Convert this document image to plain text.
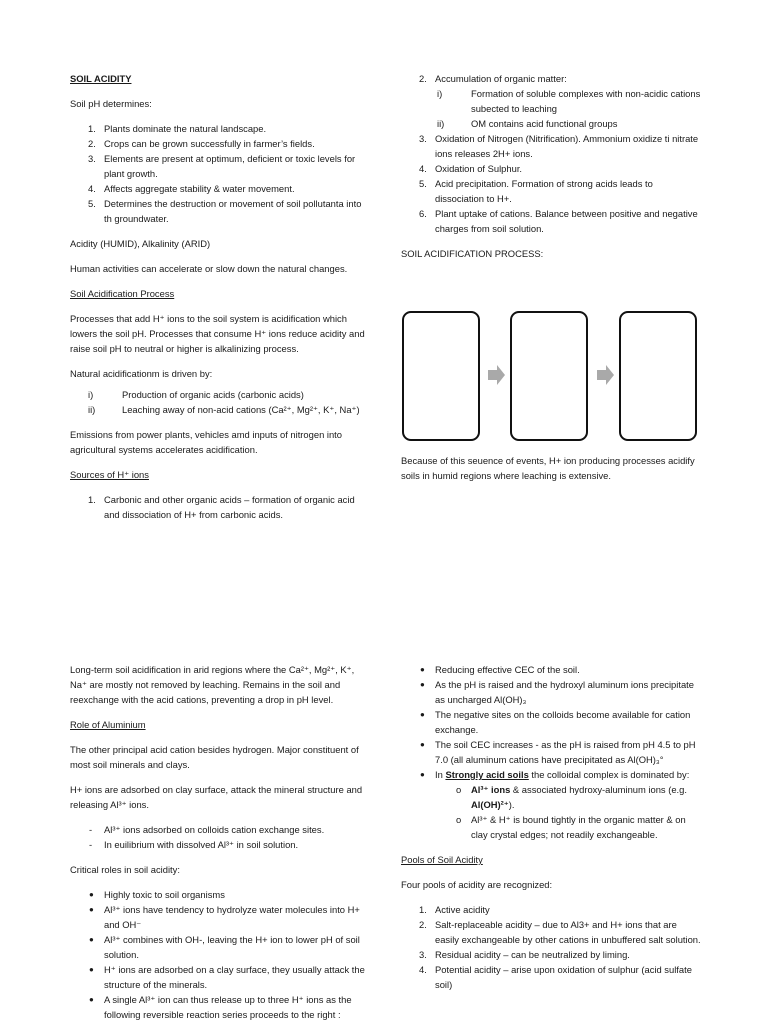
SOIL ACIDITY
Soil pH determines:
1. Plants dominate the natural landscape.
2. Crops can be grown successfully in farmer’s fields.
3. Elements are present at optimum, deficient or toxic levels for plant growth.
4. Affects aggregate stability & water movement.
5. Determines the destruction or movement of soil pollutanta into th groundwater.
Acidity (HUMID), Alkalinity (ARID)
Human activities can accelerate or slow down the natural changes.
Soil Acidification Process
Processes that add H⁺ ions to the soil system is acidification which lowers the soil pH. Processes that consume H⁺ ions reduce acidity and raise soil pH to neutral or higher is alkalinizing process.
Natural acidificationm is driven by:
i)	Production of organic acids (carbonic acids)
ii)	Leaching away of non-acid cations (Ca²⁺, Mg²⁺, K⁺, Na⁺)
Emissions from power plants, vehicles amd inputs of nitrogen into agricultural systems accelerates acidification.
Sources of H⁺ ions
1. Carbonic and other organic acids – formation of organic acid and dissociation of H+ from carbonic acids.
2. Accumulation of organic matter:
i)	Formation of soluble complexes with non-acidic cations subected to leaching
ii)	OM contains acid functional groups
3. Oxidation of Nitrogen (Nitrification). Ammonium oxidize ti nitrate ions releases 2H+ ions.
4. Oxidation of Sulphur.
5. Acid precipitation. Formation of strong acids leads to dissociation to H+.
6. Plant uptake of cations. Balance between positive and negative charges from soil solution.
SOIL ACIDIFICATION PROCESS:
Because of this seuence of events, H+ ion producing processes acidify soils in humid regions where leaching is extensive.
Long-term soil acidification in arid regions where the Ca²⁺, Mg²⁺, K⁺, Na⁺ are mostly not removed by leaching. Remains in the soil and reexchange with the acid cations, preventing a drop in pH level.
Role of Aluminium
The other principal acid cation besides hydrogen. Major constituent of most soil minerals and clays.
H+ ions are adsorbed on clay surface, attack the mineral structure and releasing Al³⁺ ions.
- Al³⁺ ions adsorbed on colloids cation exchange sites.
- In euilibrium with dissolved Al³⁺ in soil solution.
Critical roles in soil acidity:
● Highly toxic to soil organisms
● Al³⁺ ions have tendency to hydrolyze water molecules into H+ and OH⁻
● Al³⁺ combines with OH-, leaving the H+ ion to lower pH of soil solution.
● H⁺ ions are adsorbed on a clay surface, they usually attack the structure of the minerals.
● A single Al³⁺ ion can thus release up to three H⁺ ions as the following reversible reaction series proceeds to the right :
● Reducing effective CEC of the soil.
● As the pH is raised and the hydroxyl aluminum ions precipitate as uncharged Al(OH)₃
● The negative sites on the colloids become available for cation exchange.
● The soil CEC increases - as the pH is raised from pH 4.5 to pH 7.0 (all aluminum cations have precipitated as Al(OH)₃°
● In Strongly acid soils the colloidal complex is dominated by:
o Al³⁺ ions & associated hydroxy-aluminum ions (e.g. Al(OH)²⁺).
o Al³⁺ & H⁺ is bound tightly in the organic matter & on clay crystal edges; not readily exchangeable.
Pools of Soil Acidity
Four pools of acidity are recognized:
1. Active acidity
2. Salt-replaceable acidity – due to Al3+ and H+ ions that are easily exchangeable by other cations in unbuffered salt solution.
3. Residual acidity – can be neutralized by liming.
4. Potential acidity – arise upon oxidation of sulphur (acid sulfate soil)
